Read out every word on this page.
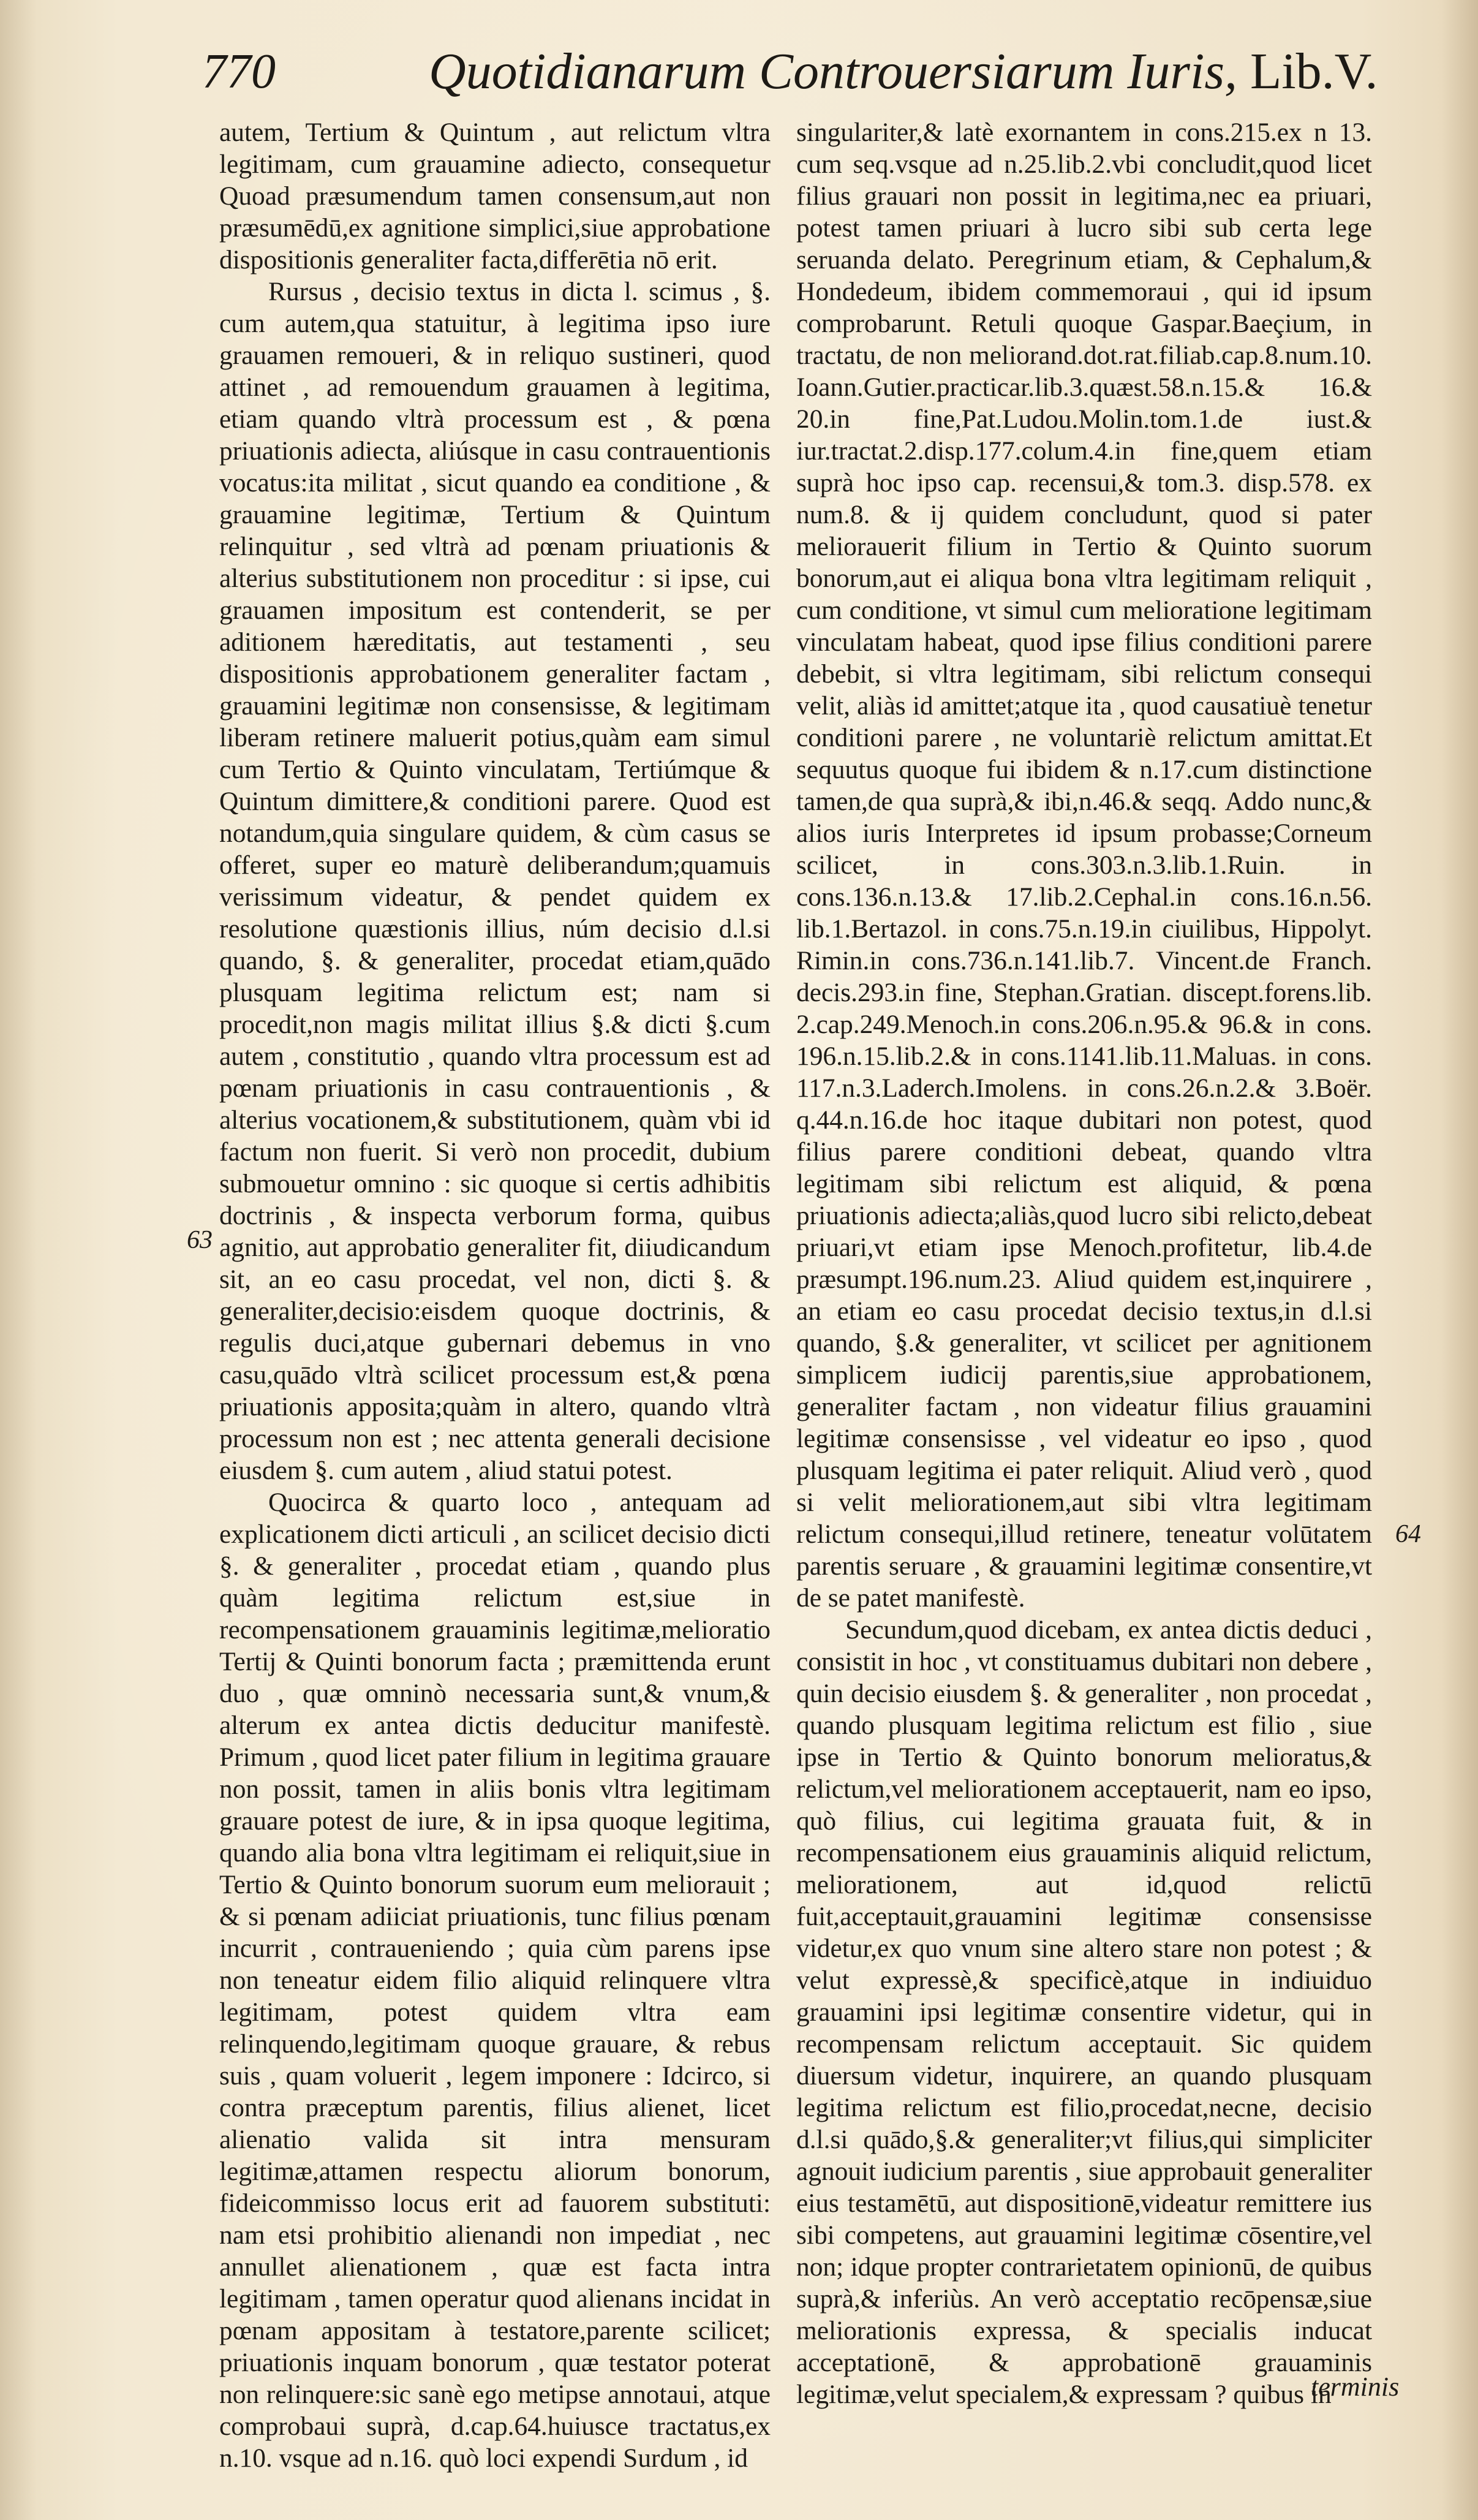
770	Quotidianarum Controuersiarum Iuris, Lib.V.

autem, Tertium & Quintum , aut relictum vltra legitimam, cum grauamine adiecto, consequetur Quoad præsumendum tamen consensum,aut non præsumēdū,ex agnitione simplici,siue approbatione dispositionis generaliter facta,differētia nō erit.

Rursus , decisio textus in dicta l. scimus , §. cum autem,qua statuitur, à legitima ipso iure grauamen remoueri, & in reliquo sustineri, quod attinet , ad remouendum grauamen à legitima, etiam quando vltrà processum est , & pœna priuationis adiecta, aliúsque in casu contrauentionis vocatus:ita militat , sicut quando ea conditione , & grauamine legitimæ, Tertium & Quintum relinquitur , sed vltrà ad pœnam priuationis & alterius substitutionem non proceditur : si ipse, cui grauamen impositum est contenderit, se per aditionem hæreditatis, aut testamenti , seu dispositionis approbationem generaliter factam , grauamini legitimæ non consensisse, & legitimam liberam retinere maluerit potius,quàm eam simul cum Tertio & Quinto vinculatam, Tertiúmque & Quintum dimittere,& conditioni parere. Quod est notandum,quia singulare quidem, & cùm casus se offeret, super eo maturè deliberandum;quamuis verissimum videatur, & pendet quidem ex resolutione quæstionis illius, núm decisio d.l.si quando, §. & generaliter, procedat etiam,quādo plusquam legitima relictum est; nam si procedit,non magis militat illius §.& dicti §.cum autem , constitutio , quando vltra processum est ad pœnam priuationis in casu contrauentionis , & alterius vocationem,& substitutionem, quàm vbi id factum non fuerit. Si verò non procedit, dubium submouetur omnino : sic quoque si certis adhibitis doctrinis , & inspecta verborum forma, quibus agnitio, aut approbatio generaliter fit, diiudicandum sit, an eo casu procedat, vel non, dicti §. & generaliter,decisio:eisdem quoque doctrinis, & regulis duci,atque gubernari debemus in vno casu,quādo vltrà scilicet processum est,& pœna priuationis apposita;quàm in altero, quando vltrà processum non est ; nec attenta generali decisione eiusdem §. cum autem , aliud statui potest.

Quocirca & quarto loco , antequam ad explicationem dicti articuli , an scilicet decisio dicti §. & generaliter , procedat etiam , quando plus quàm legitima relictum est,siue in recompensationem grauaminis legitimæ,melioratio Tertij & Quinti bonorum facta ; præmittenda erunt duo , quæ omninò necessaria sunt,& vnum,& alterum ex antea dictis deducitur manifestè. Primum , quod licet pater filium in legitima grauare non possit, tamen in aliis bonis vltra legitimam grauare potest de iure, & in ipsa quoque legitima, quando alia bona vltra legitimam ei reliquit,siue in Tertio & Quinto bonorum suorum eum meliorauit ; & si pœnam adiiciat priuationis, tunc filius pœnam incurrit , contraueniendo ; quia cùm parens ipse non teneatur eidem filio aliquid relinquere vltra legitimam, potest quidem vltra eam relinquendo,legitimam quoque grauare, & rebus suis , quam voluerit , legem imponere : Idcirco, si contra præceptum parentis, filius alienet, licet alienatio valida sit intra mensuram legitimæ,attamen respectu aliorum bonorum, fideicommisso locus erit ad fauorem substituti: nam etsi prohibitio alienandi non impediat , nec annullet alienationem , quæ est facta intra legitimam , tamen operatur quod alienans incidat in pœnam appositam à testatore,parente scilicet; priuationis inquam bonorum , quæ testator poterat non relinquere:sic sanè ego metipse annotaui, atque comprobaui suprà, d.cap.64.huiusce tractatus,ex n.10. vsque ad n.16. quò loci expendi Surdum , id

singulariter,& latè exornantem in cons.215.ex n 13. cum seq.vsque ad n.25.lib.2.vbi concludit,quod licet filius grauari non possit in legitima,nec ea priuari, potest tamen priuari à lucro sibi sub certa lege seruanda delato. Peregrinum etiam, & Cephalum,& Hondedeum, ibidem commemoraui , qui id ipsum comprobarunt. Retuli quoque Gaspar.Baeçium, in tractatu, de non meliorand.dot.rat.filiab.cap.8.num.10. Ioann.Gutier.practicar.lib.3.quæst.58.n.15.& 16.& 20.in fine,Pat.Ludou.Molin.tom.1.de iust.& iur.tractat.2.disp.177.colum.4.in fine,quem etiam suprà hoc ipso cap. recensui,& tom.3. disp.578. ex num.8. & ij quidem concludunt, quod si pater meliorauerit filium in Tertio & Quinto suorum bonorum,aut ei aliqua bona vltra legitimam reliquit , cum conditione, vt simul cum melioratione legitimam vinculatam habeat, quod ipse filius conditioni parere debebit, si vltra legitimam, sibi relictum consequi velit, aliàs id amittet;atque ita , quod causatiuè tenetur conditioni parere , ne voluntariè relictum amittat.Et sequutus quoque fui ibidem & n.17.cum distinctione tamen,de qua suprà,& ibi,n.46.& seqq. Addo nunc,& alios iuris Interpretes id ipsum probasse;Corneum scilicet, in cons.303.n.3.lib.1.Ruin. in cons.136.n.13.& 17.lib.2.Cephal.in cons.16.n.56. lib.1.Bertazol. in cons.75.n.19.in ciuilibus, Hippolyt. Rimin.in cons.736.n.141.lib.7. Vincent.de Franch. decis.293.in fine, Stephan.Gratian. discept.forens.lib. 2.cap.249.Menoch.in cons.206.n.95.& 96.& in cons. 196.n.15.lib.2.& in cons.1141.lib.11.Maluas. in cons. 117.n.3.Laderch.Imolens. in cons.26.n.2.& 3.Boër. q.44.n.16.de hoc itaque dubitari non potest, quod filius parere conditioni debeat, quando vltra legitimam sibi relictum est aliquid, & pœna priuationis adiecta;aliàs,quod lucro sibi relicto,debeat priuari,vt etiam ipse Menoch.profitetur, lib.4.de præsumpt.196.num.23. Aliud quidem est,inquirere , an etiam eo casu procedat decisio textus,in d.l.si quando, §.& generaliter, vt scilicet per agnitionem simplicem iudicij parentis,siue approbationem, generaliter factam , non videatur filius grauamini legitimæ consensisse , vel videatur eo ipso , quod plusquam legitima ei pater reliquit. Aliud verò , quod si velit meliorationem,aut sibi vltra legitimam relictum consequi,illud retinere, teneatur volūtatem parentis seruare , & grauamini legitimæ consentire,vt de se patet manifestè.

Secundum,quod dicebam, ex antea dictis deduci , consistit in hoc , vt constituamus dubitari non debere , quin decisio eiusdem §. & generaliter , non procedat , quando plusquam legitima relictum est filio , siue ipse in Tertio & Quinto bonorum melioratus,& relictum,vel meliorationem acceptauerit, nam eo ipso, quò filius, cui legitima grauata fuit, & in recompensationem eius grauaminis aliquid relictum, meliorationem, aut id,quod relictū fuit,acceptauit,grauamini legitimæ consensisse videtur,ex quo vnum sine altero stare non potest ; & velut expressè,& specificè,atque in indiuiduo grauamini ipsi legitimæ consentire videtur, qui in recompensam relictum acceptauit. Sic quidem diuersum videtur, inquirere, an quando plusquam legitima relictum est filio,procedat,necne, decisio d.l.si quādo,§.& generaliter;vt filius,qui simpliciter agnouit iudicium parentis , siue approbauit generaliter eius testamētū, aut dispositionē,videatur remittere ius sibi competens, aut grauamini legitimæ cōsentire,vel non; idque propter contrarietatem opinionū, de quibus suprà,& inferiùs. An verò acceptatio recōpensæ,siue meliorationis expressa, & specialis inducat acceptationē, & approbationē grauaminis legitimæ,velut specialem,& expressam ? quibus in

63
64
terminis
